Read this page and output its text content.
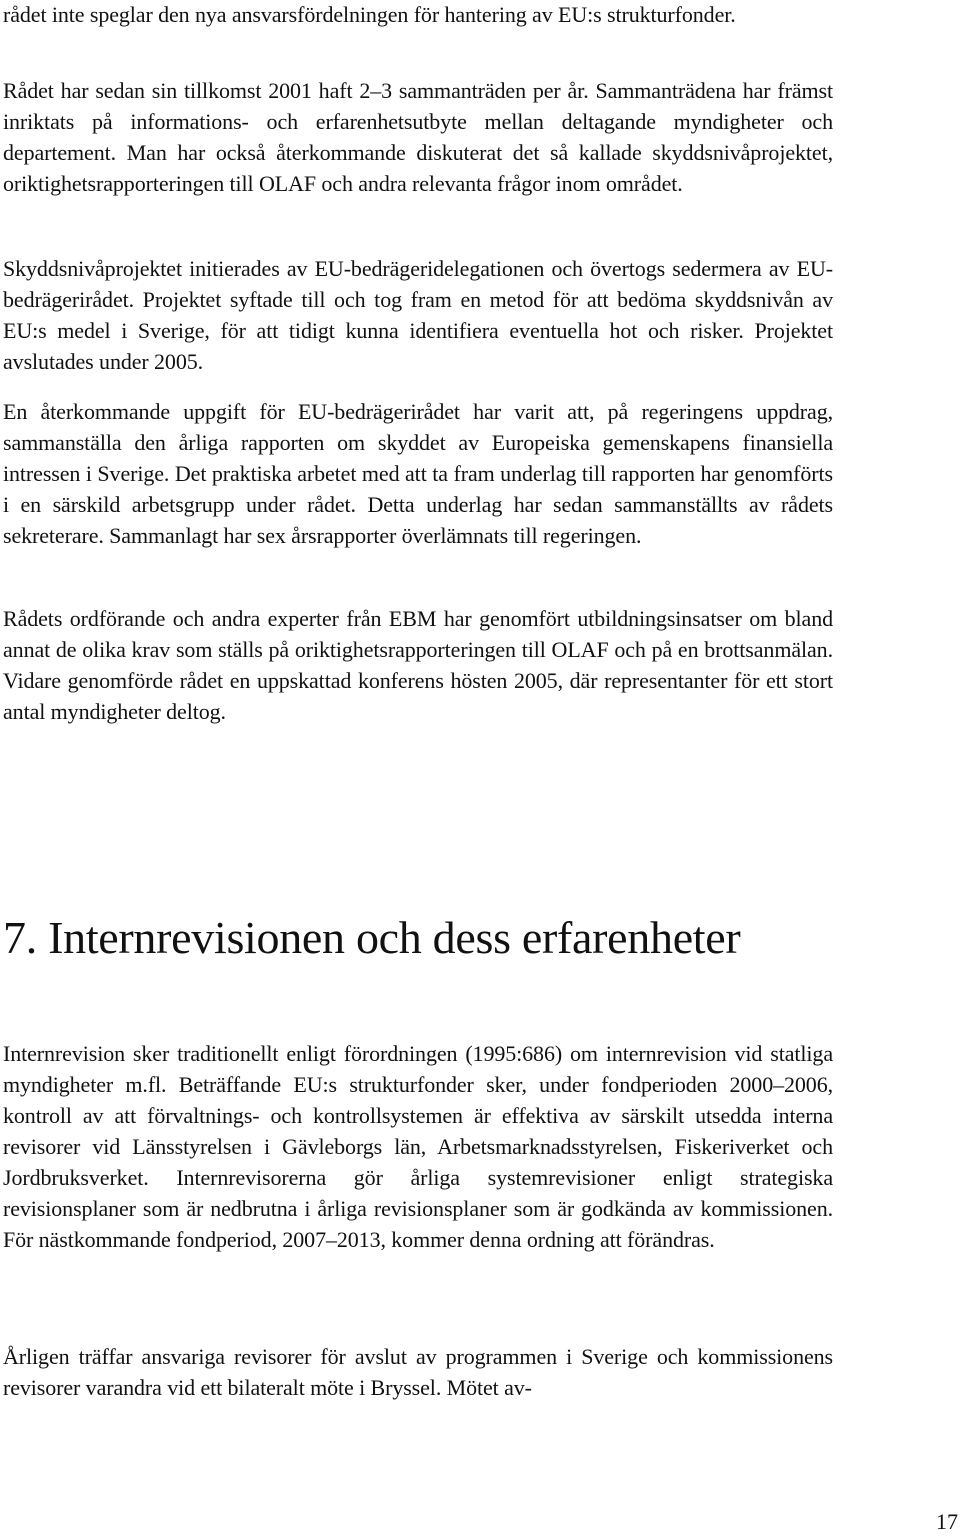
rådet inte speglar den nya ansvarsfördelningen för hantering av EU:s strukturfonder.

Rådet har sedan sin tillkomst 2001 haft 2–3 sammanträden per år. Sammanträdena har främst inriktats på informations- och erfarenhetsutbyte mellan deltagande myndigheter och departement. Man har också återkommande diskuterat det så kallade skyddsnivåprojektet, oriktighetsrapporteringen till OLAF och andra relevanta frågor inom området.

Skyddsnivåprojektet initierades av EU-bedrägeridelegationen och övertogs sedermera av EU-bedrägerirådet. Projektet syftade till och tog fram en metod för att bedöma skyddsnivån av EU:s medel i Sverige, för att tidigt kunna identifiera eventuella hot och risker. Projektet avslutades under 2005.

En återkommande uppgift för EU-bedrägerirådet har varit att, på regeringens uppdrag, sammanställa den årliga rapporten om skyddet av Europeiska gemenskapens finansiella intressen i Sverige. Det praktiska arbetet med att ta fram underlag till rapporten har genomförts i en särskild arbetsgrupp under rådet. Detta underlag har sedan sammanställts av rådets sekreterare. Sammanlagt har sex årsrapporter överlämnats till regeringen.

Rådets ordförande och andra experter från EBM har genomfört utbildningsinsatser om bland annat de olika krav som ställs på oriktighetsrapporteringen till OLAF och på en brottsanmälan. Vidare genomförde rådet en uppskattad konferens hösten 2005, där representanter för ett stort antal myndigheter deltog.

7. Internrevisionen och dess erfarenheter

Internrevision sker traditionellt enligt förordningen (1995:686) om internrevision vid statliga myndigheter m.fl. Beträffande EU:s strukturfonder sker, under fondperioden 2000–2006, kontroll av att förvaltnings- och kontrollsystemen är effektiva av särskilt utsedda interna revisorer vid Länsstyrelsen i Gävleborgs län, Arbetsmarknadsstyrelsen, Fiskeriverket och Jordbruksverket. Internrevisorerna gör årliga systemrevisioner enligt strategiska revisionsplaner som är nedbrutna i årliga revisionsplaner som är godkända av kommissionen. För nästkommande fondperiod, 2007–2013, kommer denna ordning att förändras.

Årligen träffar ansvariga revisorer för avslut av programmen i Sverige och kommissionens revisorer varandra vid ett bilateralt möte i Bryssel. Mötet av-

17
